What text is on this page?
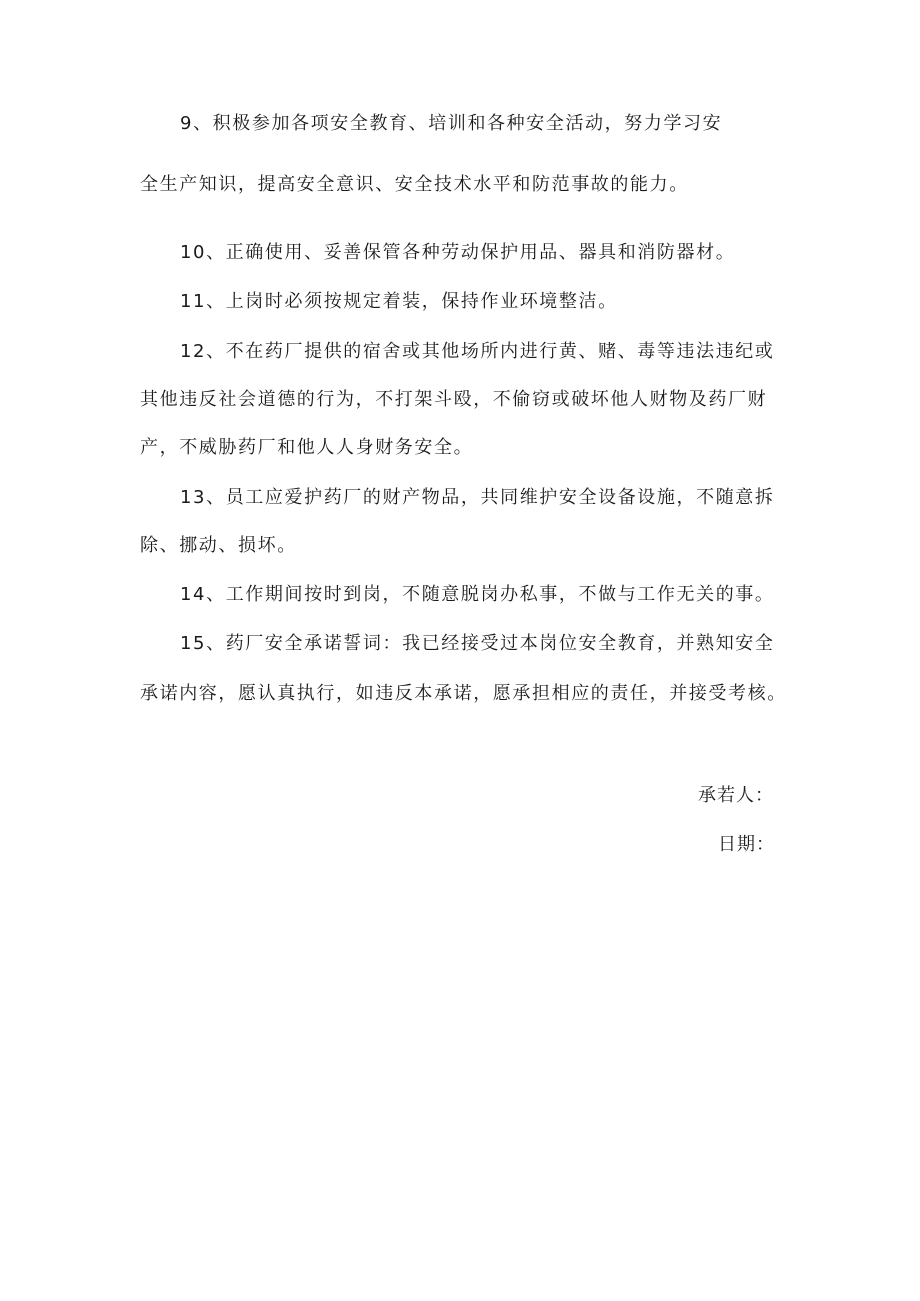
9、积极参加各项安全教育、培训和各种安全活动，努力学习安
全生产知识，提高安全意识、安全技术水平和防范事故的能力。
10、正确使用、妥善保管各种劳动保护用品、器具和消防器材。
11、上岗时必须按规定着装，保持作业环境整洁。
12、不在药厂提供的宿舍或其他场所内进行黄、赌、毒等违法违纪或
其他违反社会道德的行为，不打架斗殴，不偷窃或破坏他人财物及药厂财
产，不威胁药厂和他人人身财务安全。
13、员工应爱护药厂的财产物品，共同维护安全设备设施，不随意拆
除、挪动、损坏。
14、工作期间按时到岗，不随意脱岗办私事，不做与工作无关的事。
15、药厂安全承诺誓词：我已经接受过本岗位安全教育，并熟知安全
承诺内容，愿认真执行，如违反本承诺，愿承担相应的责任，并接受考核。
承若人：
日期：
